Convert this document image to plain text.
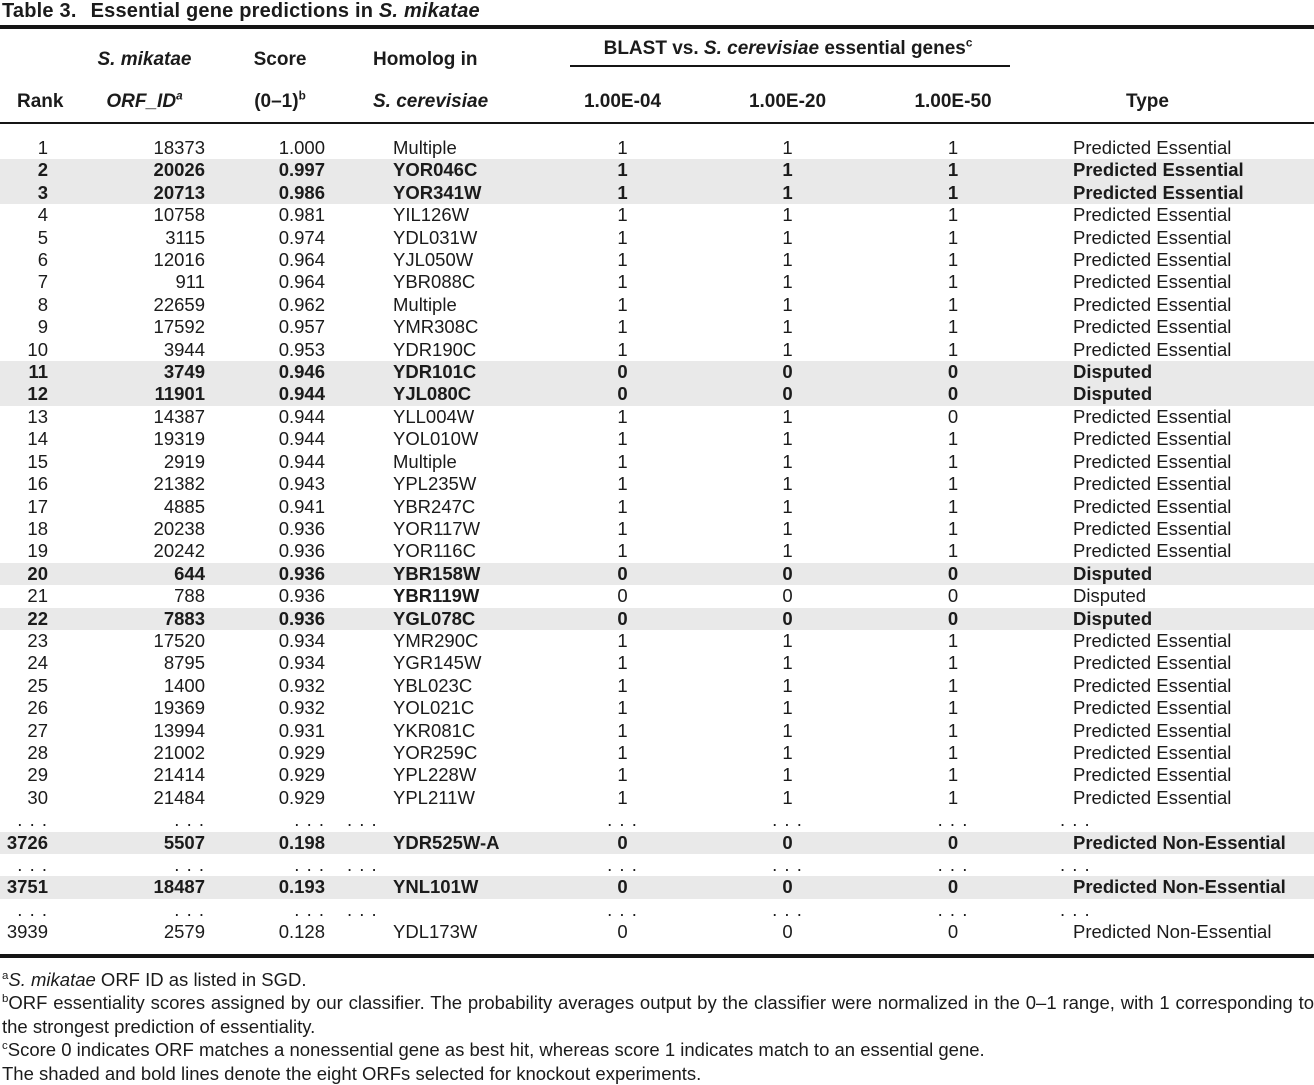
Table 3. Essential gene predictions in S. mikatae
	S. mikatae	Score	Homolog in	BLAST vs. S. cerevisiae essential genes$^c$

Rank	$ORF\_ID^a$	$(0-1)^b$	S. cerevisiae	1.00E-04	1.00E-20	1.00E-50	Type
1	18373	1.000	Multiple	1	1	1	Predicted Essential
2	20026	0.997	YOR046C	1	1	1	Predicted Essential
3	20713	0.986	YOR341W	1	1	1	Predicted Essential
4	10758	0.981	YIL126W	1	1	1	Predicted Essential
5	3115	0.974	YDL031W	1	1	1	Predicted Essential
6	12016	0.964	YJL050W	1	1	1	Predicted Essential
7	911	0.964	YBR088C	1	1	1	Predicted Essential
8	22659	0.962	Multiple	1	1	1	Predicted Essential
9	17592	0.957	YMR308C	1	1	1	Predicted Essential
10	3944	0.953	YDR190C	1	1	1	Predicted Essential
11	3749	0.946	YDR101C	0	0	0	Disputed
12	11901	0.944	YJL080C	0	0	0	Disputed
13	14387	0.944	YLL004W	1	1	0	Predicted Essential
14	19319	0.944	YOL010W	1	1	1	Predicted Essential
15	2919	0.944	Multiple	1	1	1	Predicted Essential
16	21382	0.943	YPL235W	1	1	1	Predicted Essential
17	4885	0.941	YBR247C	1	1	1	Predicted Essential
18	20238	0.936	YOR117W	1	1	1	Predicted Essential
19	20242	0.936	YOR116C	1	1	1	Predicted Essential
20	644	0.936	YBR158W	0	0	0	Disputed
21	788	0.936	YBR119W	0	0	0	Disputed
22	7883	0.936	YGL078C	0	0	0	Disputed
23	17520	0.934	YMR290C	1	1	1	Predicted Essential
24	8795	0.934	YGR145W	1	1	1	Predicted Essential
25	1400	0.932	YBL023C	1	1	1	Predicted Essential
26	19369	0.932	YOL021C	1	1	1	Predicted Essential
27	13994	0.931	YKR081C	1	1	1	Predicted Essential
28	21002	0.929	YOR259C	1	1	1	Predicted Essential
29	21414	0.929	YPL228W	1	1	1	Predicted Essential
30	21484	0.929	YPL211W	1	1	1	Predicted Essential
. . .	. . .	. . .	. . .	. . .	. . .	. . .	. . .
3726	5507	0.198	YDR525W-A	0	0	0	Predicted Non-Essential
. . .	. . .	. . .	. . .	. . .	. . .	. . .	. . .
3751	18487	0.193	YNL101W	0	0	0	Predicted Non-Essential
. . .	. . .	. . .	. . .	. . .	. . .	. . .	. . .
3939	2579	0.128	YDL173W	0	0	0	Predicted Non-Essential

$^a$S. mikatae ORF ID as listed in SGD.

$^b$ORF essentiality scores assigned by our classifier. The probability averages output by the classifier were normalized in the 0–1 range, with 1 corresponding to the strongest prediction of essentiality.

$^c$Score 0 indicates ORF matches a nonessential gene as best hit, whereas score 1 indicates match to an essential gene.

The shaded and bold lines denote the eight ORFs selected for knockout experiments.
